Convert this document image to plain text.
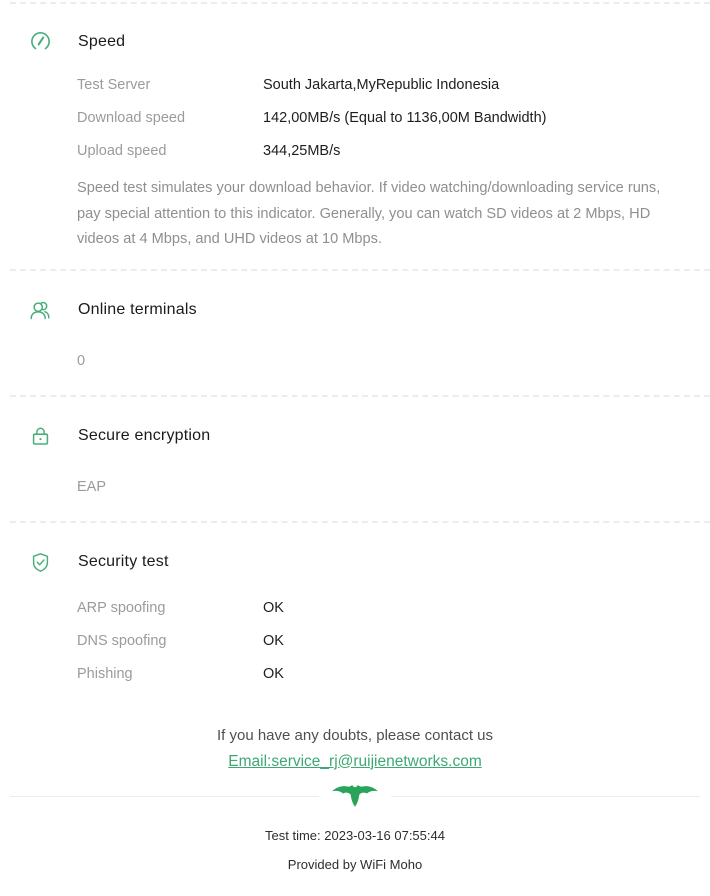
Speed
Test Server	South Jakarta,MyRepublic Indonesia
Download speed	142,00MB/s (Equal to 1136,00M Bandwidth)
Upload speed	344,25MB/s

Speed test simulates your download behavior. If video watching/downloading service runs, pay special attention to this indicator. Generally, you can watch SD videos at 2 Mbps, HD videos at 4 Mbps, and UHD videos at 10 Mbps.

Online terminals
0
Secure encryption
EAP
Security test
ARP spoofing	OK
DNS spoofing	OK
Phishing	OK
If you have any doubts, please contact us
Email:service_rj@ruijienetworks.com
Test time: 2023-03-16 07:55:44
Provided by WiFi Moho
